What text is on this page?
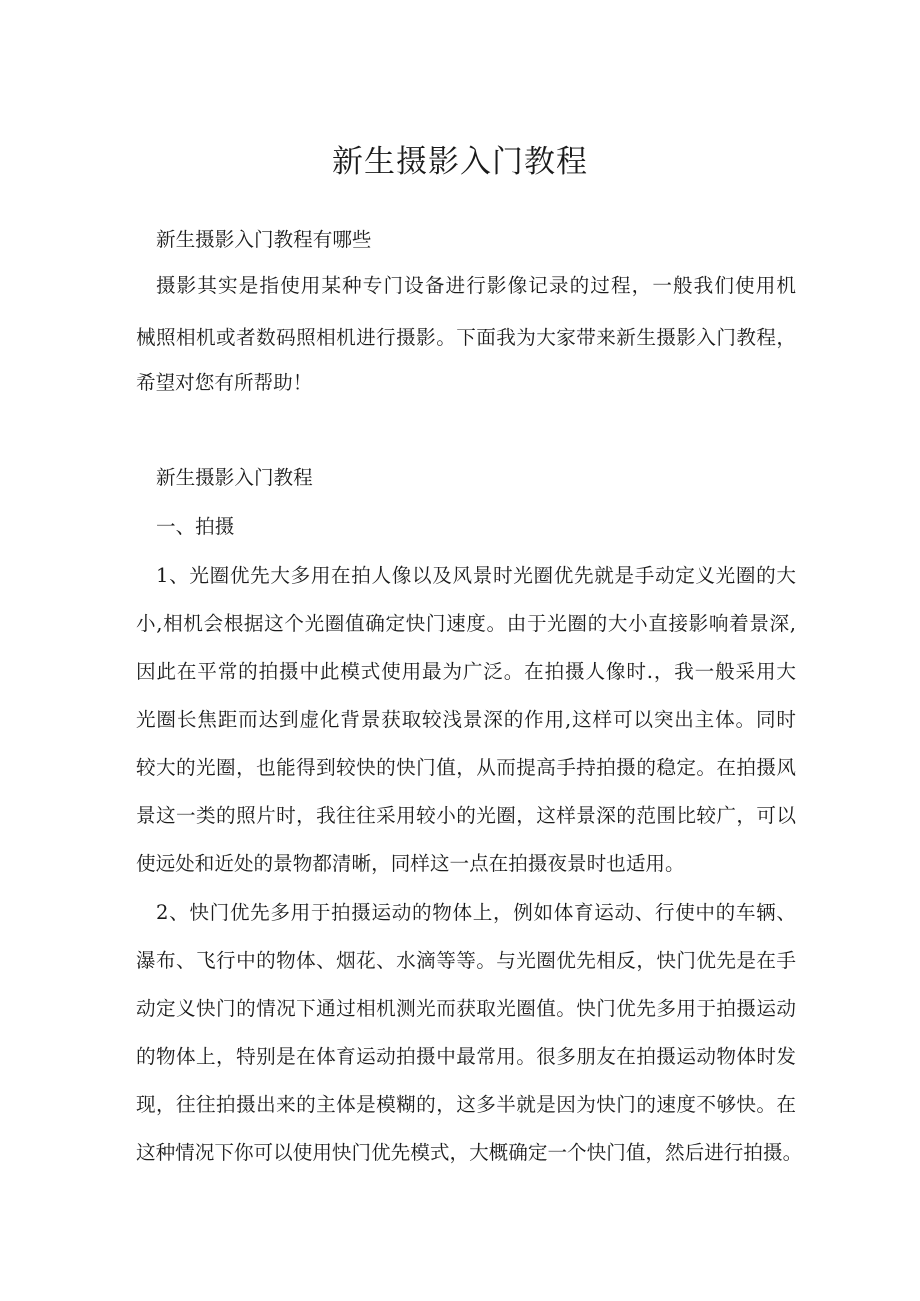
新生摄影入门教程

新生摄影入门教程有哪些

摄影其实是指使用某种专门设备进行影像记录的过程，一般我们使用机

械照相机或者数码照相机进行摄影。下面我为大家带来新生摄影入门教程，

希望对您有所帮助！

新生摄影入门教程

一、拍摄

1、光圈优先大多用在拍人像以及风景时光圈优先就是手动定义光圈的大

小,相机会根据这个光圈值确定快门速度。由于光圈的大小直接影响着景深,

因此在平常的拍摄中此模式使用最为广泛。在拍摄人像时.，我一般采用大

光圈长焦距而达到虚化背景获取较浅景深的作用,这样可以突出主体。同时

较大的光圈，也能得到较快的快门值，从而提高手持拍摄的稳定。在拍摄风

景这一类的照片时，我往往采用较小的光圈，这样景深的范围比较广，可以

使远处和近处的景物都清晰，同样这一点在拍摄夜景时也适用。

2、快门优先多用于拍摄运动的物体上，例如体育运动、行使中的车辆、

瀑布、飞行中的物体、烟花、水滴等等。与光圈优先相反，快门优先是在手

动定义快门的情况下通过相机测光而获取光圈值。快门优先多用于拍摄运动

的物体上，特别是在体育运动拍摄中最常用。很多朋友在拍摄运动物体时发

现，往往拍摄出来的主体是模糊的，这多半就是因为快门的速度不够快。在

这种情况下你可以使用快门优先模式，大概确定一个快门值，然后进行拍摄。
